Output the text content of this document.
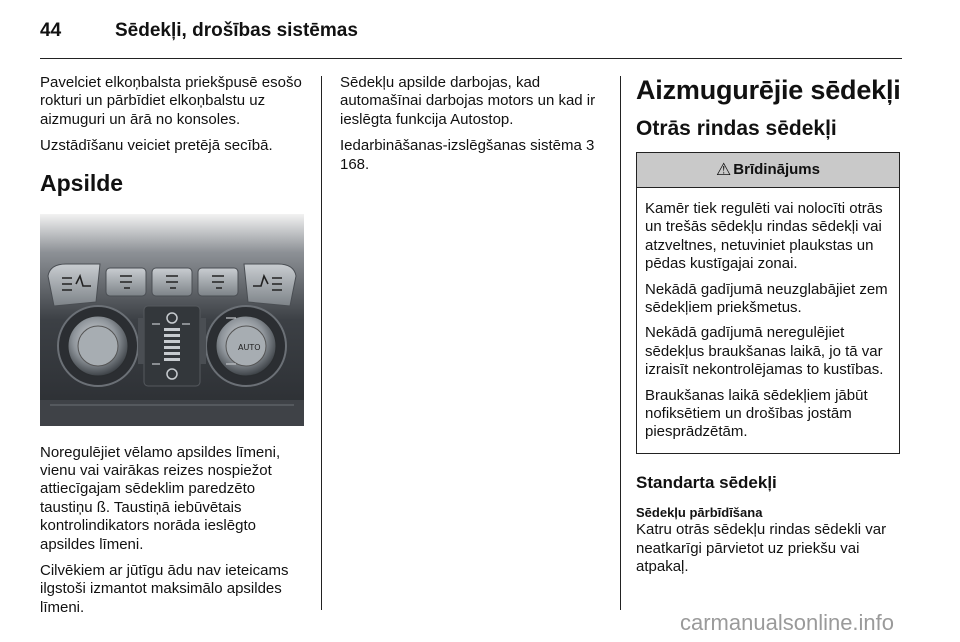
44	Sēdekļi, drošības sistēmas

Pavelciet elkoņbalsta priekšpusē esošo rokturi un pārbīdiet elkoņbalstu uz aizmuguri un ārā no konsoles.

Uzstādīšanu veiciet pretējā secībā.

Apsilde
AUTO

Noregulējiet vēlamo apsildes līmeni, vienu vai vairākas reizes nospiežot attiecīgajam sēdeklim paredzēto taustiņu ß. Taustiņā iebūvētais kontrolindikators norāda ieslēgto apsildes līmeni.

Cilvēkiem ar jūtīgu ādu nav ieteicams ilgstoši izmantot maksimālo apsildes līmeni.

Sēdekļu apsilde darbojas, kad automašīnai darbojas motors un kad ir ieslēgta funkcija Autostop.

Iedarbināšanas-izslēgšanas sistēma 3 168.

Aizmugurējie sēdekļi
Otrās rindas sēdekļi
⚠ Brīdinājums

Kamēr tiek regulēti vai nolocīti otrās un trešās sēdekļu rindas sēdekļi vai atzveltnes, netuviniet plaukstas un pēdas kustīgajai zonai.

Nekādā gadījumā neuzglabājiet zem sēdekļiem priekšmetus.

Nekādā gadījumā neregulējiet sēdekļus braukšanas laikā, jo tā var izraisīt nekontrolējamas to kustības.

Braukšanas laikā sēdekļiem jābūt nofiksētiem un drošības jostām piesprādzētām.

Standarta sēdekļi
Sēdekļu pārbīdīšana

Katru otrās sēdekļu rindas sēdekli var neatkarīgi pārvietot uz priekšu vai atpakaļ.

carmanualsonline.info
